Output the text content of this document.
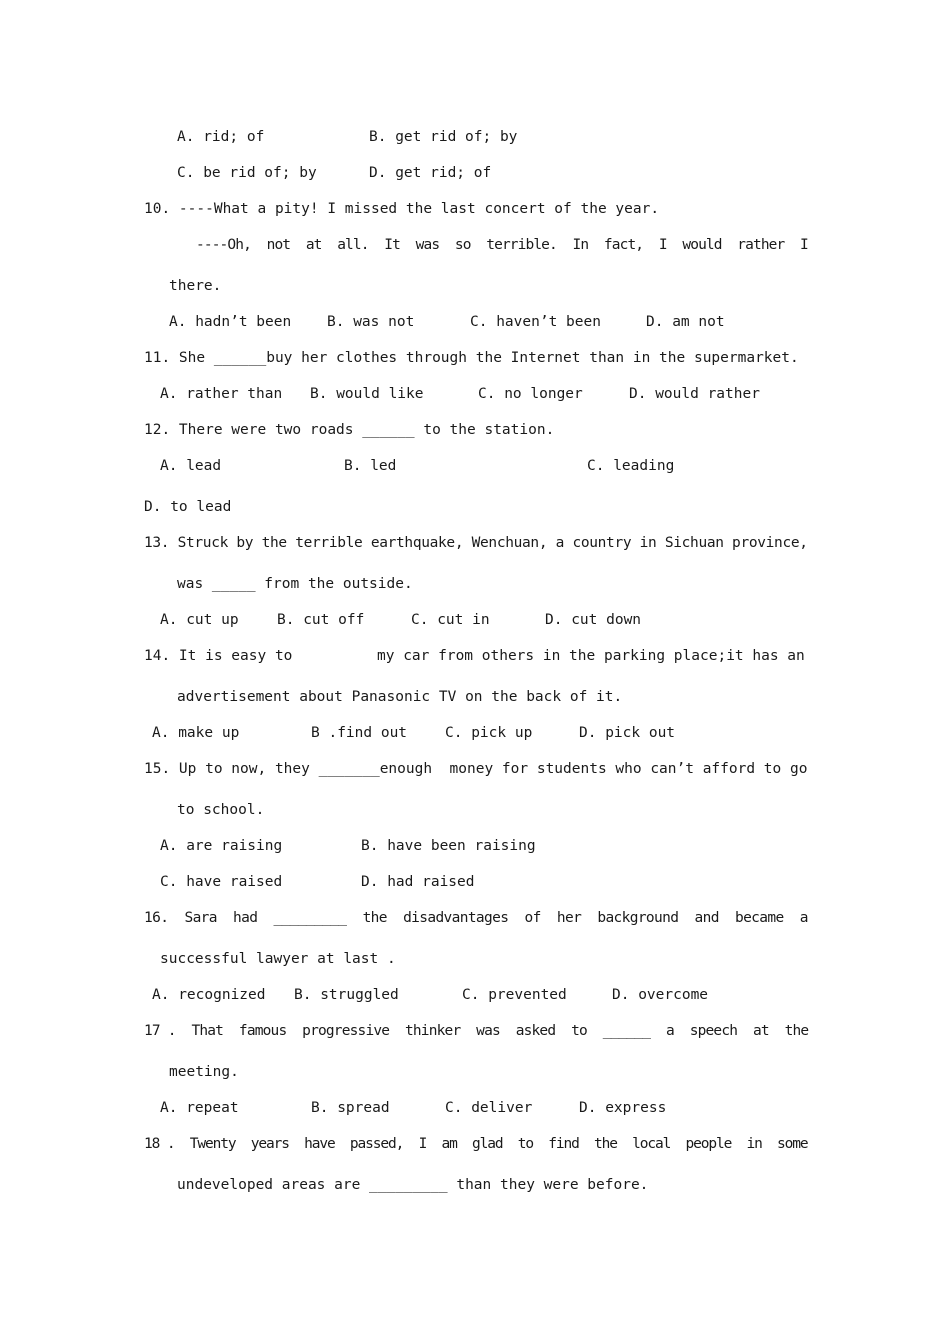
A. rid; of	B. get rid of; by
C. be rid of; by	D. get rid; of
10. ----What a pity! I missed the last concert of the year.
----Oh,  not  at  all.  It  was  so  terrible.  In  fact,  I  would  rather  I
there.
A. hadn’t been B. was not	C. haven’t been	D. am not
11. She ______buy her clothes through the Internet than in the supermarket.
A. rather than B. would like	C. no longer	D. would rather
12. There were two roads ______ to the station.
A. lead	B. led	C. leading
D. to lead
13. Struck by the terrible earthquake, Wenchuan, a country in Sichuan province,
was _____ from the outside.
A. cut up	B. cut off	C. cut in	D. cut down
14. It is easy to	my car from others in the parking place;it has an
advertisement about Panasonic TV on the back of it.
A. make up	B .find out	C. pick up	D. pick out
15. Up to now, they _______enough  money for students who can’t afford to go
to school.
A. are raising	B. have been raising
C. have raised	D. had raised
16.  Sara  had  _________  the  disadvantages  of  her  background  and  became  a
successful lawyer at last .
A. recognized B. struggled	C. prevented	D. overcome
17 .  That  famous  progressive  thinker  was  asked  to  ______  a  speech  at  the
meeting.
A. repeat	B. spread	C. deliver	D. express
18 .  Twenty  years  have  passed,  I  am  glad  to  find  the  local  people  in  some
undeveloped areas are _________ than they were before.
